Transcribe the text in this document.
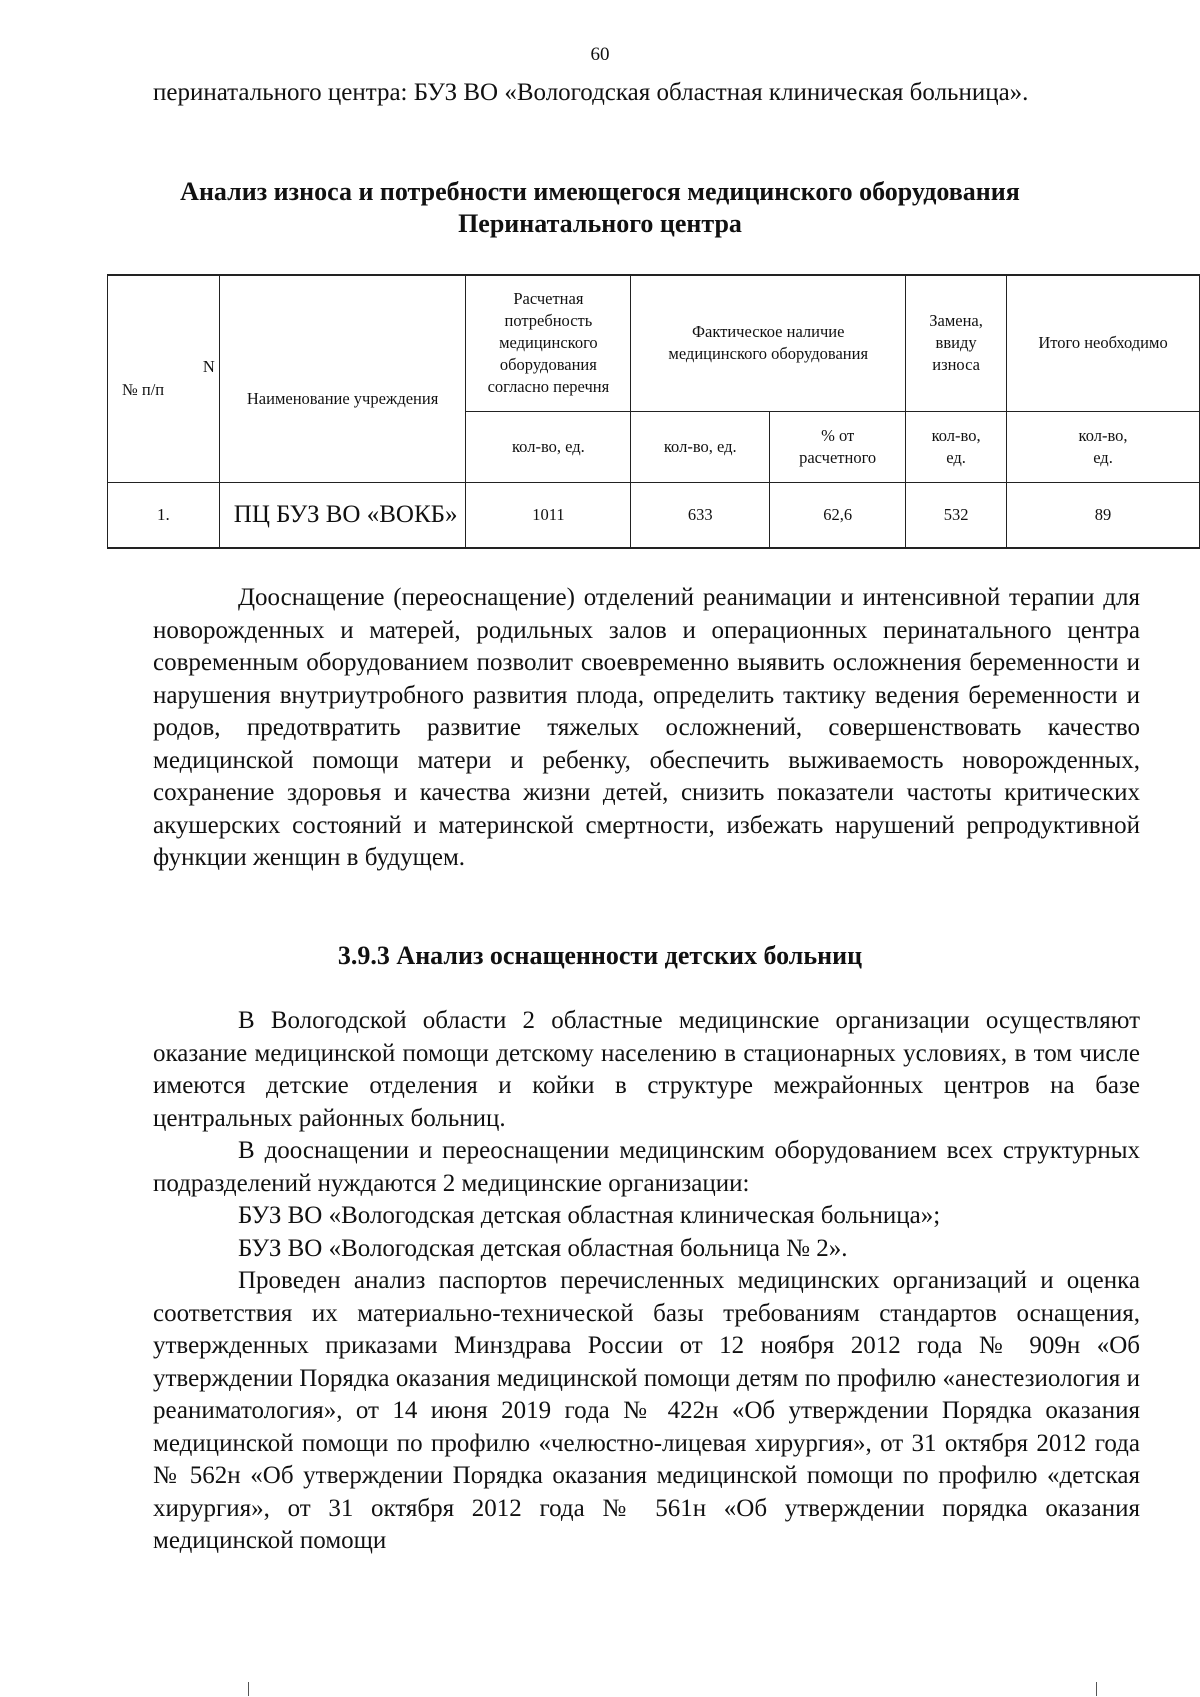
60

перинатального центра: БУЗ ВО «Вологодская областная клиническая больница».

Анализ износа и потребности имеющегося медицинского оборудования
Перинатального центра
N
№ п/п	Наименование учреждения	Расчетная потребность медицинского оборудования согласно перечня	Фактическое наличие медицинского оборудования		Замена, ввиду износа	Итого необходимо
		кол-во, ед.	кол-во, ед.	% от расчетного	кол-во, ед.	кол-во, ед.
1.	ПЦ БУЗ ВО «ВОКБ»	1011	633	62,6	532	89

Дооснащение (переоснащение) отделений реанимации и интенсивной терапии для новорожденных и матерей, родильных залов и операционных перинатального центра современным оборудованием позволит своевременно выявить осложнения беременности и нарушения внутриутробного развития плода, определить тактику ведения беременности и родов, предотвратить развитие тяжелых осложнений, совершенствовать качество медицинской помощи матери и ребенку, обеспечить выживаемость новорожденных, сохранение здоровья и качества жизни детей, снизить показатели частоты критических акушерских состояний и материнской смертности, избежать нарушений репродуктивной функции женщин в будущем.

3.9.3 Анализ оснащенности детских больниц

В Вологодской области 2 областные медицинские организации осуществляют оказание медицинской помощи детскому населению в стационарных условиях, в том числе имеются детские отделения и койки в структуре межрайонных центров на базе центральных районных больниц.

В дооснащении и переоснащении медицинским оборудованием всех структурных подразделений нуждаются 2 медицинские организации:

БУЗ ВО «Вологодская детская областная клиническая больница»;

БУЗ ВО «Вологодская детская областная больница № 2».

Проведен анализ паспортов перечисленных медицинских организаций и оценка соответствия их материально-технической базы требованиям стандартов оснащения, утвержденных приказами Минздрава России от 12 ноября 2012 года № 909н «Об утверждении Порядка оказания медицинской помощи детям по профилю «анестезиология и реаниматология», от 14 июня 2019 года № 422н «Об утверждении Порядка оказания медицинской помощи по профилю «челюстно-лицевая хирургия», от 31 октября 2012 года № 562н «Об утверждении Порядка оказания медицинской помощи по профилю «детская хирургия», от 31 октября 2012 года № 561н «Об утверждении порядка оказания медицинской помощи
